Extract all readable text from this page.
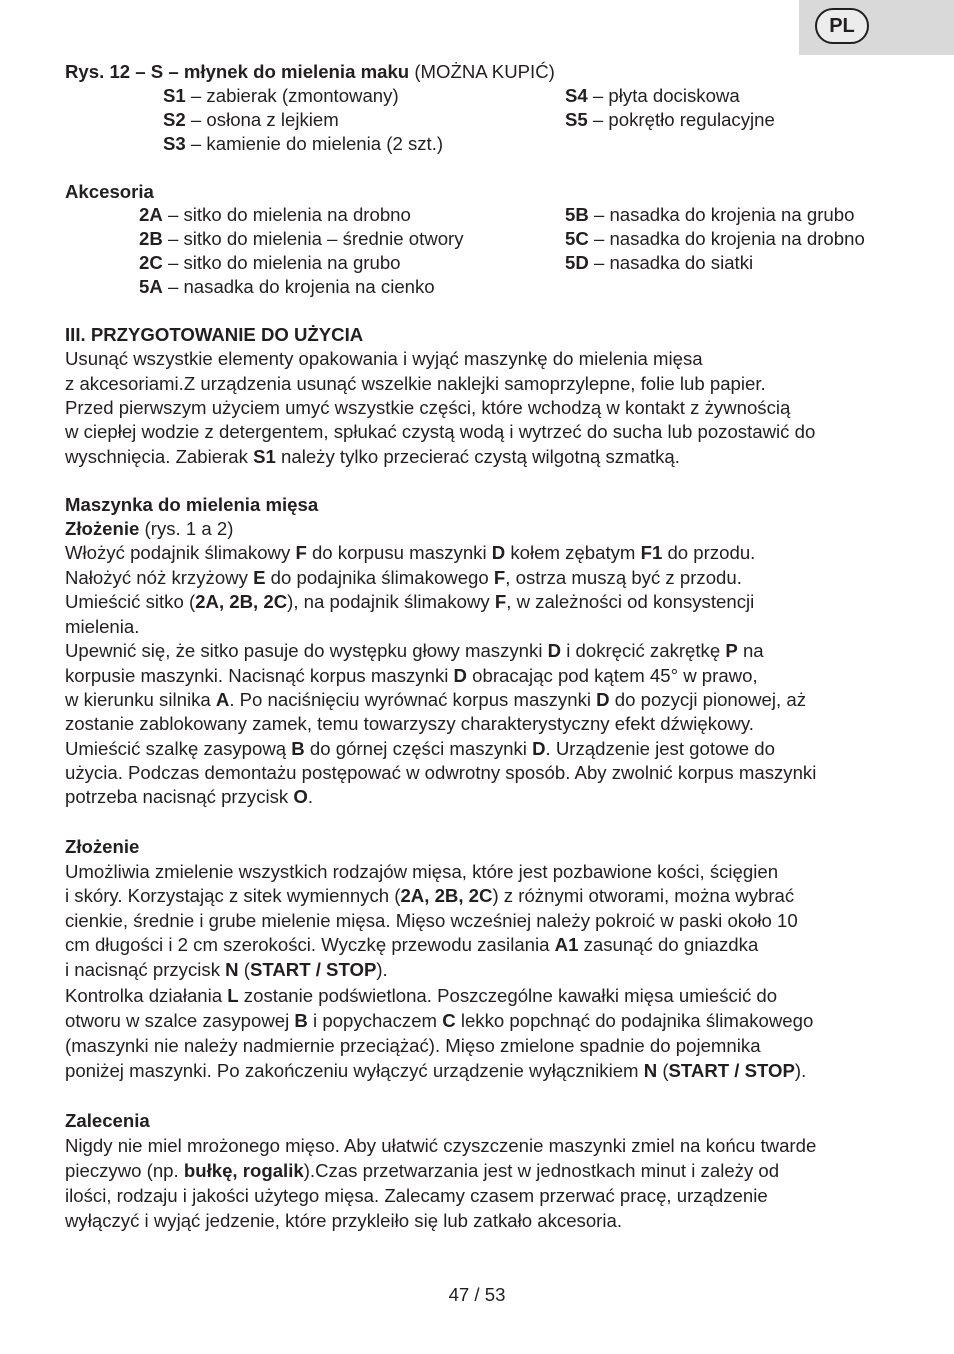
PL
Rys. 12 – S – młynek do mielenia maku (MOŻNA KUPIĆ)
S1 – zabierak (zmontowany)
S2 – osłona z lejkiem
S3 – kamienie do mielenia (2 szt.)
S4 – płyta dociskowa
S5 – pokrętło regulacyjne
Akcesoria
2A – sitko do mielenia na drobno
2B – sitko do mielenia – średnie otwory
2C – sitko do mielenia na grubo
5A – nasadka do krojenia na cienko
5B – nasadka do krojenia na grubo
5C – nasadka do krojenia na drobno
5D – nasadka do siatki
III. PRZYGOTOWANIE DO UŻYCIA
Usunąć wszystkie elementy opakowania i wyjąć maszynkę do mielenia mięsa
z akcesoriami.Z urządzenia usunąć wszelkie naklejki samoprzylepne, folie lub papier.
Przed pierwszym użyciem umyć wszystkie części, które wchodzą w kontakt z żywnością
w ciepłej wodzie z detergentem, spłukać czystą wodą i wytrzeć do sucha lub pozostawić do
wyschnięcia. Zabierak S1 należy tylko przecierać czystą wilgotną szmatką.
Maszynka do mielenia mięsa
Złożenie (rys. 1 a 2)
Włożyć podajnik ślimakowy F do korpusu maszynki D kołem zębatym F1 do przodu.
Nałożyć nóż krzyżowy E do podajnika ślimakowego F, ostrza muszą być z przodu.
Umieścić sitko (2A, 2B, 2C), na podajnik ślimakowy F, w zależności od konsystencji
mielenia.
Upewnić się, że sitko pasuje do występku głowy maszynki D i dokręcić zakrętkę P na
korpusie maszynki. Nacisnąć korpus maszynki D obracając pod kątem 45° w prawo,
w kierunku silnika A. Po naciśnięciu wyrównać korpus maszynki D do pozycji pionowej, aż
zostanie zablokowany zamek, temu towarzyszy charakterystyczny efekt dźwiękowy.
Umieścić szalkę zasypową B do górnej części maszynki D. Urządzenie jest gotowe do
użycia. Podczas demontażu postępować w odwrotny sposób. Aby zwolnić korpus maszynki
potrzeba nacisnąć przycisk O.
Złożenie
Umożliwia zmielenie wszystkich rodzajów mięsa, które jest pozbawione kości, ścięgien
i skóry. Korzystając z sitek wymiennych (2A, 2B, 2C) z różnymi otworami, można wybrać
cienkie, średnie i grube mielenie mięsa. Mięso wcześniej należy pokroić w paski około 10
cm długości i 2 cm szerokości. Wyczkę przewodu zasilania A1 zasunąć do gniazdka
i nacisnąć przycisk N (START / STOP).
Kontrolka działania L zostanie podświetlona. Poszczególne kawałki mięsa umieścić do
otworu w szalce zasypowej B i popychaczem C lekko popchnąć do podajnika ślimakowego
(maszynki nie należy nadmiernie przeciążać). Mięso zmielone spadnie do pojemnika
poniżej maszynki. Po zakończeniu wyłączyć urządzenie wyłącznikiem N (START / STOP).
Zalecenia
Nigdy nie miel mrożonego mięso. Aby ułatwić czyszczenie maszynki zmiel na końcu twarde
pieczywo (np. bułkę, rogalik).Czas przetwarzania jest w jednostkach minut i zależy od
ilości, rodzaju i jakości użytego mięsa. Zalecamy czasem przerwać pracę, urządzenie
wyłączyć i wyjąć jedzenie, które przykleiło się lub zatkało akcesoria.
47 / 53
